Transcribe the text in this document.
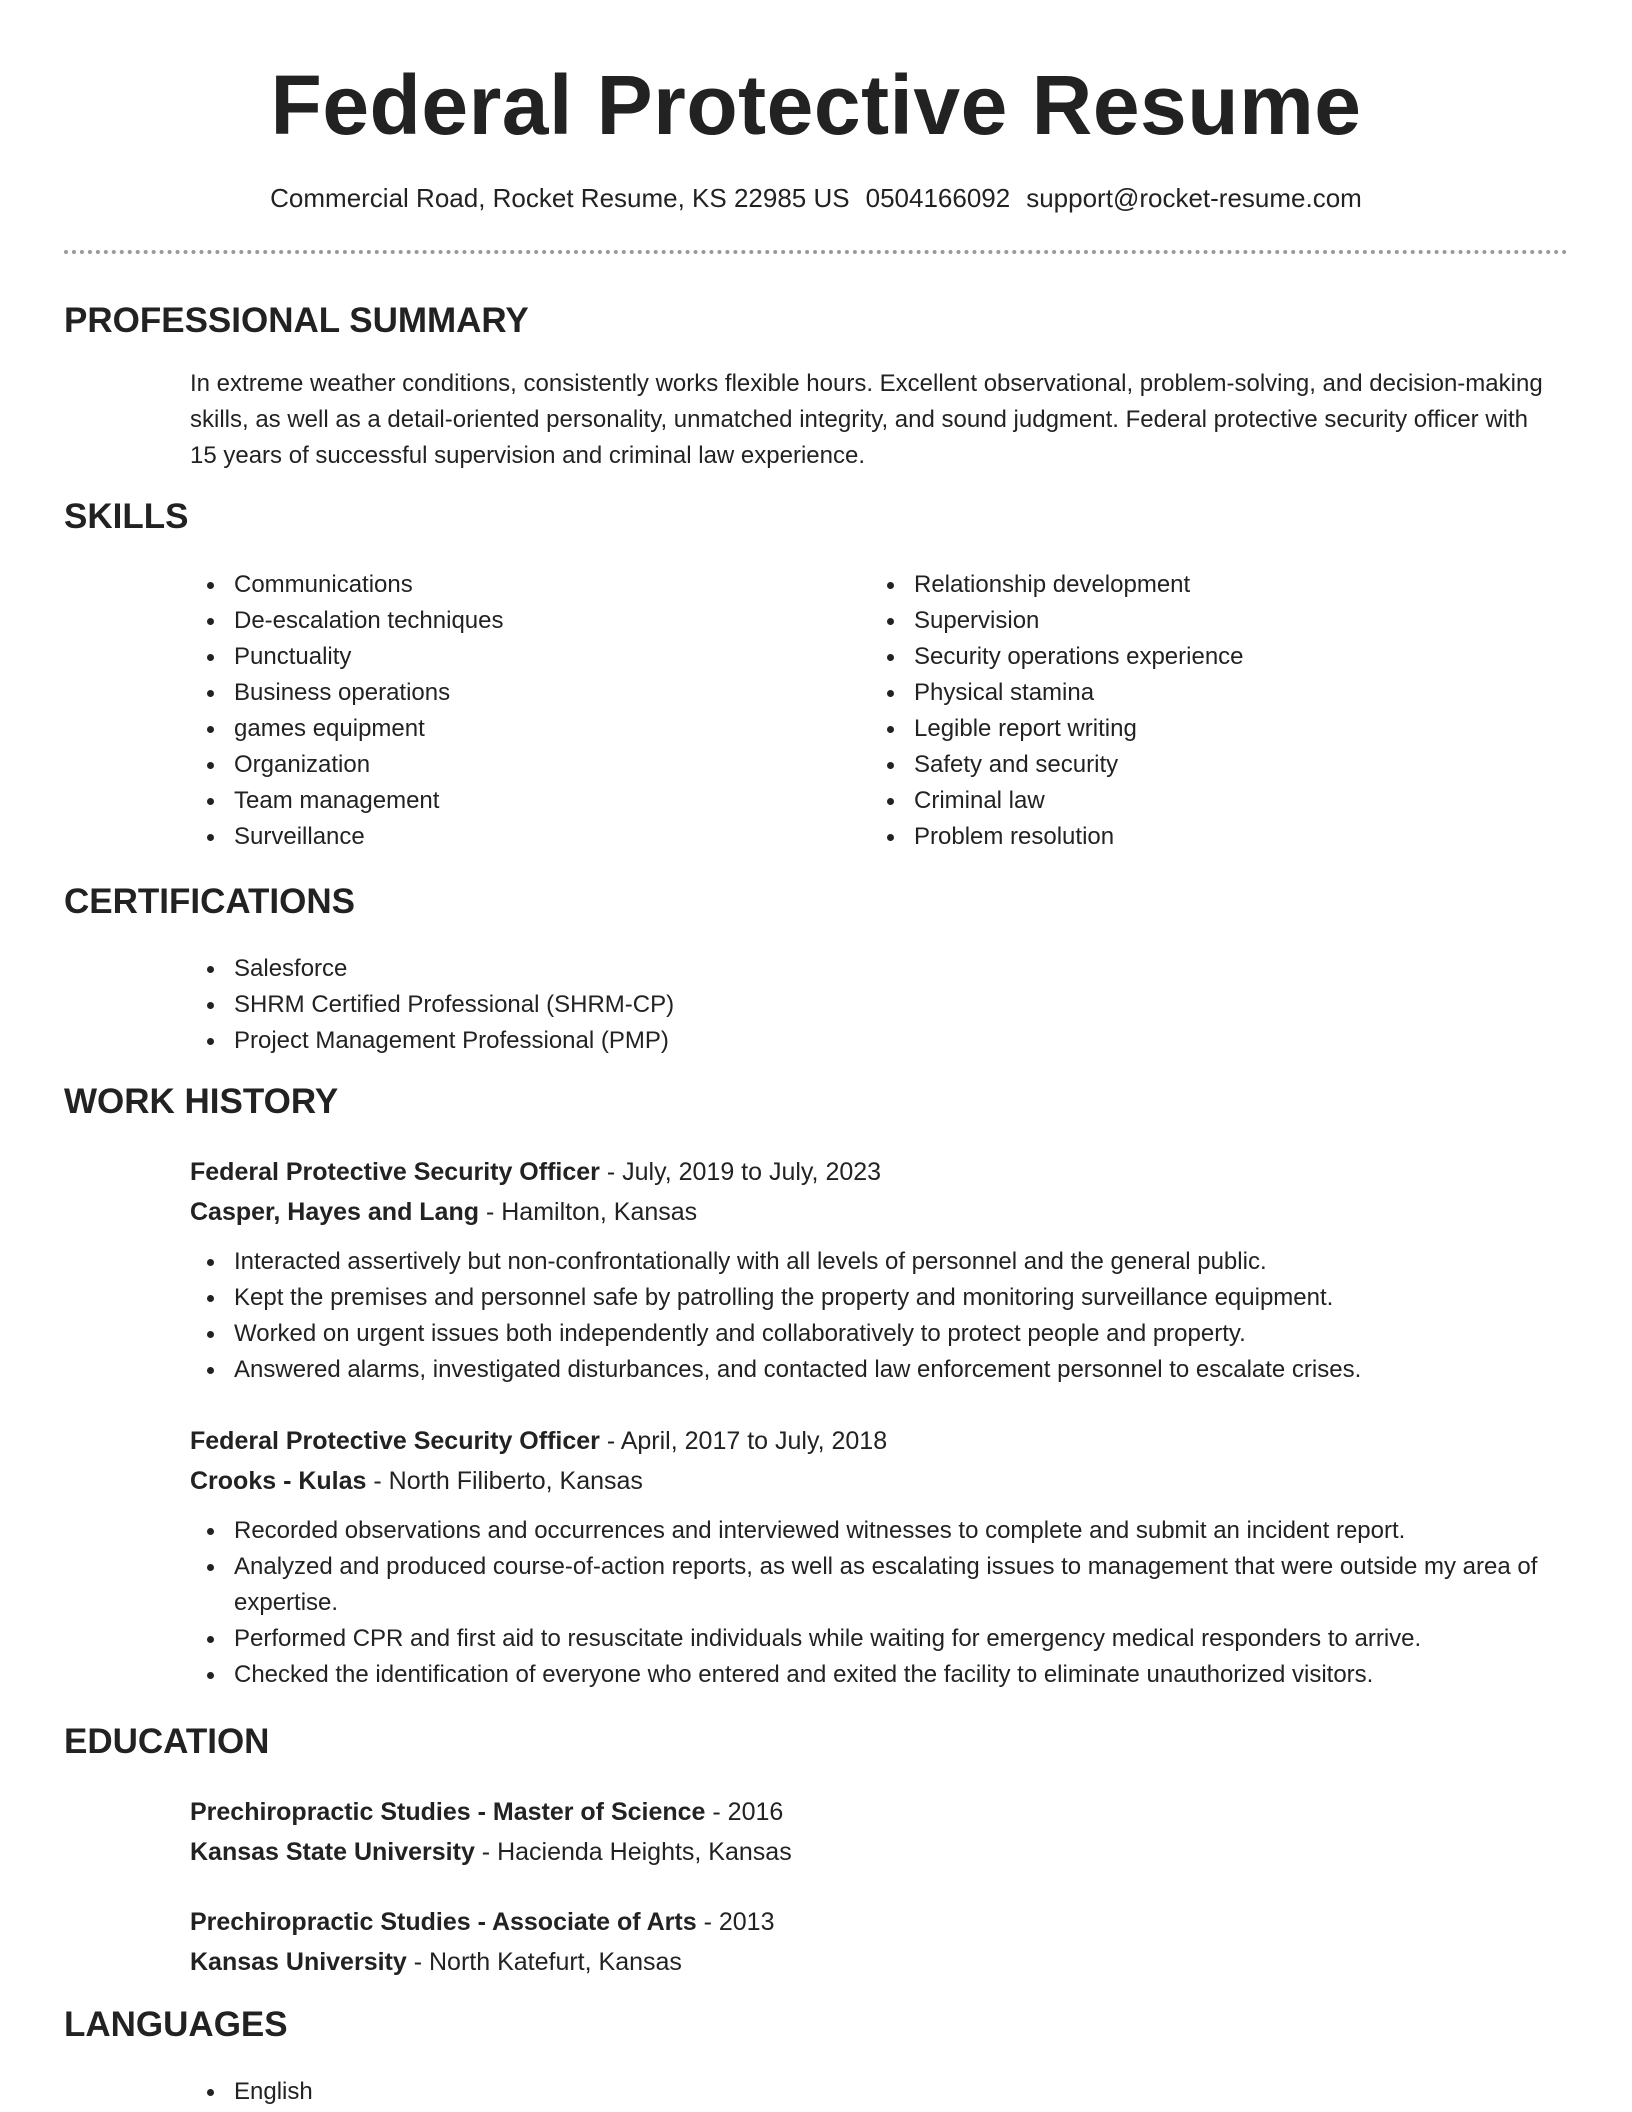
Federal Protective Resume
Commercial Road, Rocket Resume, KS 22985 US 0504166092 support@rocket-resume.com
PROFESSIONAL SUMMARY
In extreme weather conditions, consistently works flexible hours. Excellent observational, problem-solving, and decision-making skills, as well as a detail-oriented personality, unmatched integrity, and sound judgment. Federal protective security officer with 15 years of successful supervision and criminal law experience.
SKILLS
Communications
De-escalation techniques
Punctuality
Business operations
games equipment
Organization
Team management
Surveillance
Relationship development
Supervision
Security operations experience
Physical stamina
Legible report writing
Safety and security
Criminal law
Problem resolution
CERTIFICATIONS
Salesforce
SHRM Certified Professional (SHRM-CP)
Project Management Professional (PMP)
WORK HISTORY
Federal Protective Security Officer - July, 2019 to July, 2023
Casper, Hayes and Lang - Hamilton, Kansas
Interacted assertively but non-confrontationally with all levels of personnel and the general public.
Kept the premises and personnel safe by patrolling the property and monitoring surveillance equipment.
Worked on urgent issues both independently and collaboratively to protect people and property.
Answered alarms, investigated disturbances, and contacted law enforcement personnel to escalate crises.
Federal Protective Security Officer - April, 2017 to July, 2018
Crooks - Kulas - North Filiberto, Kansas
Recorded observations and occurrences and interviewed witnesses to complete and submit an incident report.
Analyzed and produced course-of-action reports, as well as escalating issues to management that were outside my area of expertise.
Performed CPR and first aid to resuscitate individuals while waiting for emergency medical responders to arrive.
Checked the identification of everyone who entered and exited the facility to eliminate unauthorized visitors.
EDUCATION
Prechiropractic Studies - Master of Science - 2016
Kansas State University - Hacienda Heights, Kansas
Prechiropractic Studies - Associate of Arts - 2013
Kansas University - North Katefurt, Kansas
LANGUAGES
English
